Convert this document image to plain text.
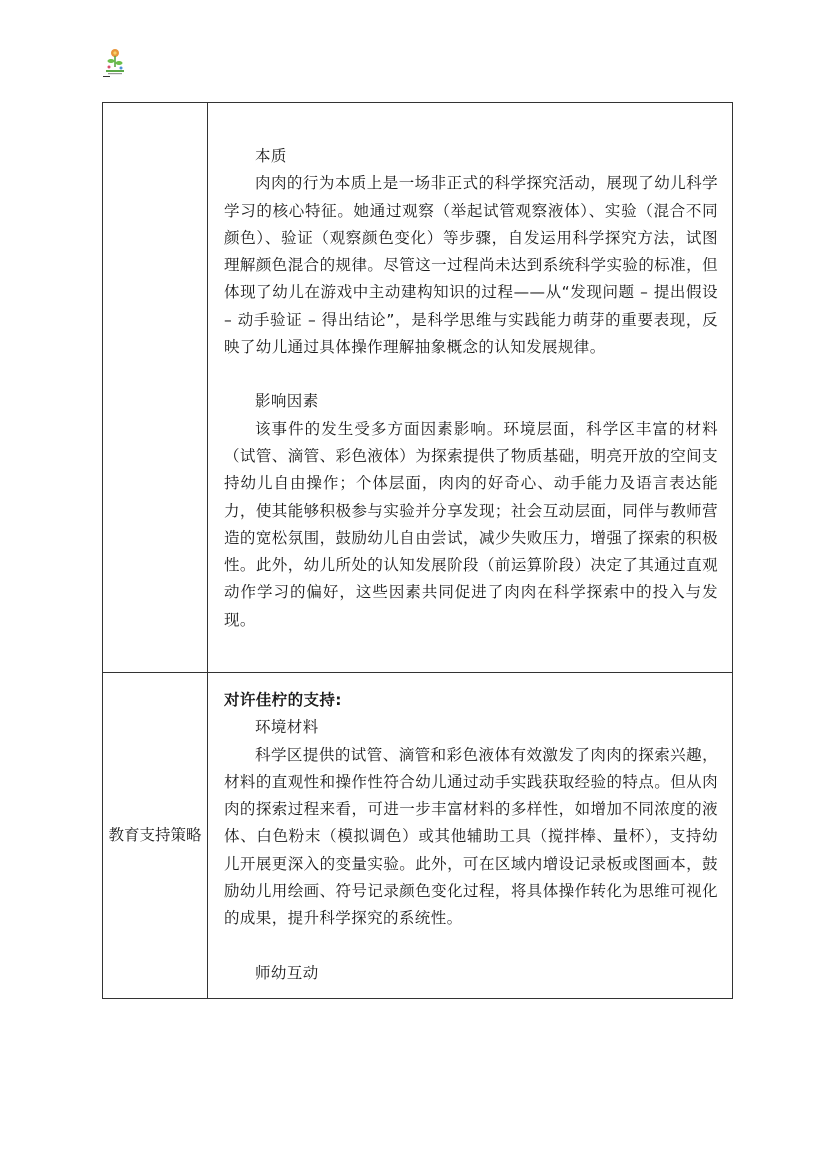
	本质

肉肉的行为本质上是一场非正式的科学探究活动，展现了幼儿科学学习的核心特征。她通过观察（举起试管观察液体）、实验（混合不同颜色）、验证（观察颜色变化）等步骤，自发运用科学探究方法，试图理解颜色混合的规律。尽管这一过程尚未达到系统科学实验的标准，但体现了幼儿在游戏中主动建构知识的过程——从“发现问题 – 提出假设 – 动手验证 – 得出结论”，是科学思维与实践能力萌芽的重要表现，反映了幼儿通过具体操作理解抽象概念的认知发展规律。

影响因素

该事件的发生受多方面因素影响。环境层面，科学区丰富的材料（试管、滴管、彩色液体）为探索提供了物质基础，明亮开放的空间支持幼儿自由操作；个体层面，肉肉的好奇心、动手能力及语言表达能力，使其能够积极参与实验并分享发现；社会互动层面，同伴与教师营造的宽松氛围，鼓励幼儿自由尝试，减少失败压力，增强了探索的积极性。此外，幼儿所处的认知发展阶段（前运算阶段）决定了其通过直观动作学习的偏好，这些因素共同促进了肉肉在科学探索中的投入与发现。

教育支持策略	对许佳柠的支持:

环境材料

科学区提供的试管、滴管和彩色液体有效激发了肉肉的探索兴趣，材料的直观性和操作性符合幼儿通过动手实践获取经验的特点。但从肉肉的探索过程来看，可进一步丰富材料的多样性，如增加不同浓度的液体、白色粉末（模拟调色）或其他辅助工具（搅拌棒、量杯），支持幼儿开展更深入的变量实验。此外，可在区域内增设记录板或图画本，鼓励幼儿用绘画、符号记录颜色变化过程，将具体操作转化为思维可视化的成果，提升科学探究的系统性。

师幼互动
